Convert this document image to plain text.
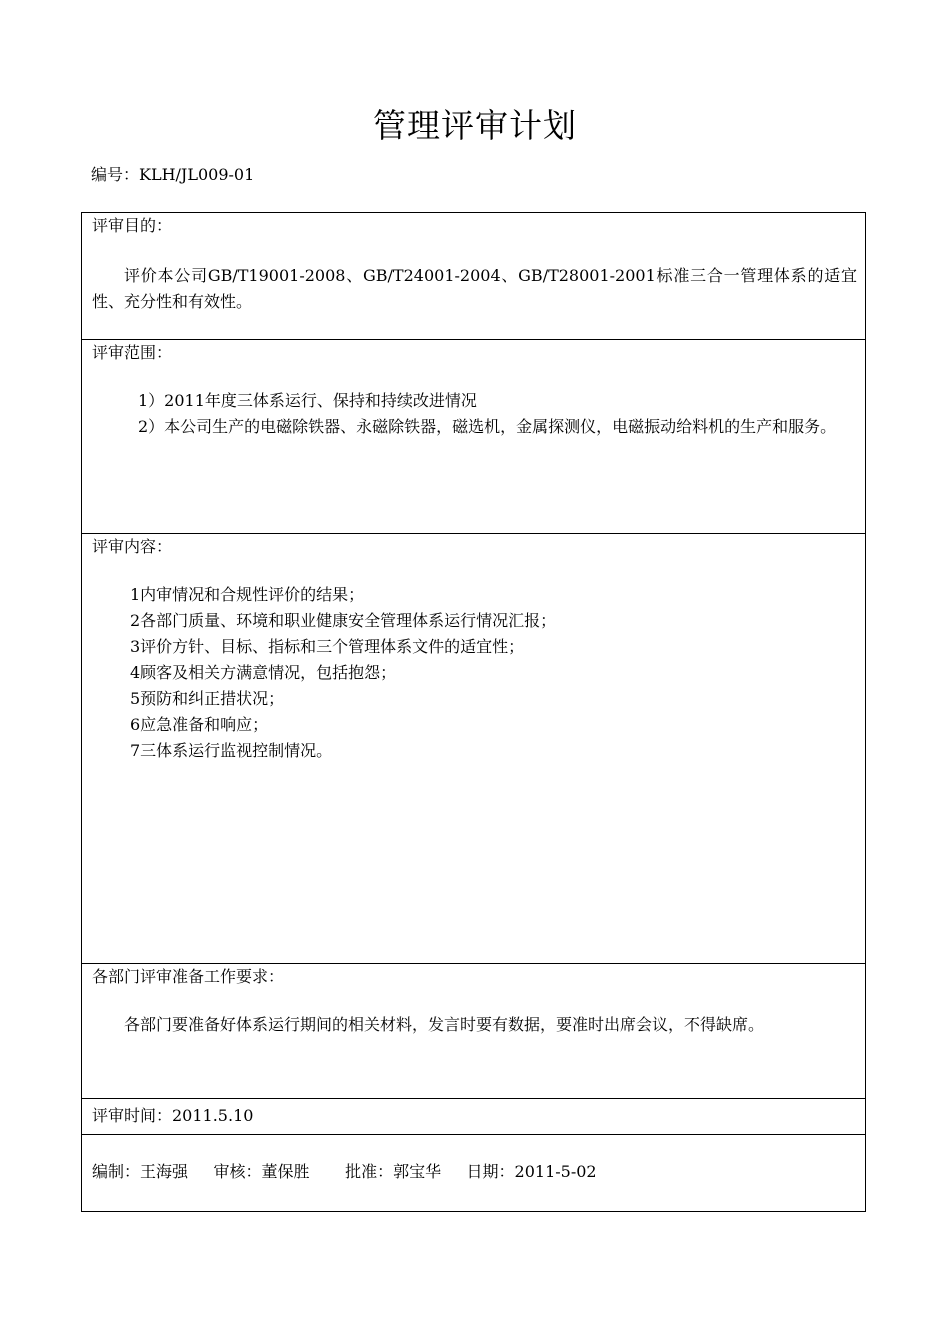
管理评审计划
编号：KLH/JL009-01
评审目的：
评价本公司GB/T19001-2008、GB/T24001-2004、GB/T28001-2001标准三合一管理体系的适宜性、充分性和有效性。
评审范围：

1）2011年度三体系运行、保持和持续改进情况

2）本公司生产的电磁除铁器、永磁除铁器，磁选机，金属探测仪，电磁振动给料机的生产和服务。

评审内容：

1内审情况和合规性评价的结果；

2各部门质量、环境和职业健康安全管理体系运行情况汇报；

3评价方针、目标、指标和三个管理体系文件的适宜性；

4顾客及相关方满意情况，包括抱怨；

5预防和纠正措状况；

6应急准备和响应；

7三体系运行监视控制情况。

各部门评审准备工作要求：
各部门要准备好体系运行期间的相关材料，发言时要有数据，要准时出席会议，不得缺席。
评审时间：2011.5.10
编制：王海强 审核：董保胜 批准：郭宝华 日期：2011-5-02
